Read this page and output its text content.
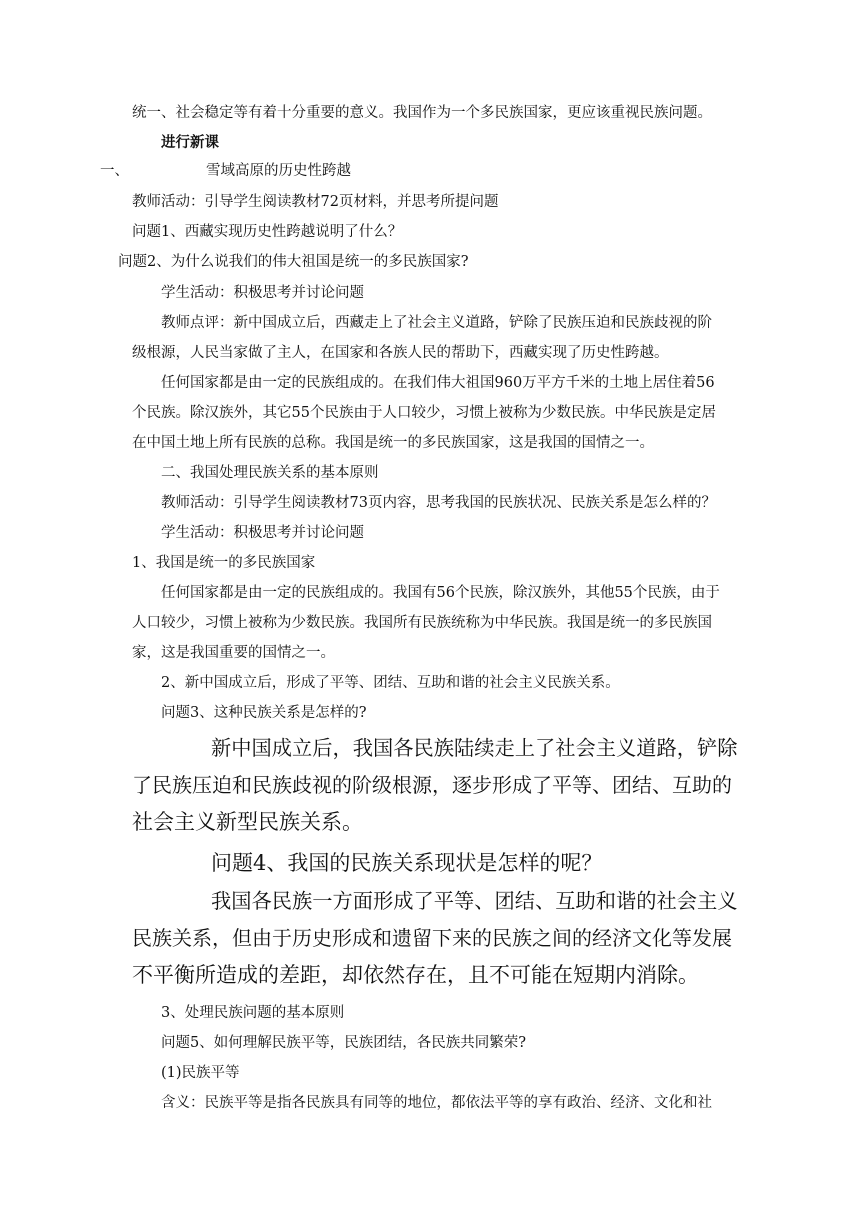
统一、社会稳定等有着十分重要的意义。我国作为一个多民族国家，更应该重视民族问题。
进行新课
一、	雪域高原的历史性跨越
教师活动：引导学生阅读教材72页材料，并思考所提问题
问题1、西藏实现历史性跨越说明了什么？
问题2、为什么说我们的伟大祖国是统一的多民族国家?
学生活动：积极思考并讨论问题
教师点评：新中国成立后，西藏走上了社会主义道路，铲除了民族压迫和民族歧视的阶
级根源，人民当家做了主人，在国家和各族人民的帮助下，西藏实现了历史性跨越。
任何国家都是由一定的民族组成的。在我们伟大祖国960万平方千米的土地上居住着56
个民族。除汉族外，其它55个民族由于人口较少，习惯上被称为少数民族。中华民族是定居
在中国土地上所有民族的总称。我国是统一的多民族国家，这是我国的国情之一。
二、我国处理民族关系的基本原则
教师活动：引导学生阅读教材73页内容，思考我国的民族状况、民族关系是怎么样的？
学生活动：积极思考并讨论问题
1、我国是统一的多民族国家
任何国家都是由一定的民族组成的。我国有56个民族，除汉族外，其他55个民族，由于
人口较少，习惯上被称为少数民族。我国所有民族统称为中华民族。我国是统一的多民族国
家，这是我国重要的国情之一。
2、新中国成立后，形成了平等、团结、互助和谐的社会主义民族关系。
问题3、这种民族关系是怎样的?
新中国成立后，我国各民族陆续走上了社会主义道路，铲除
了民族压迫和民族歧视的阶级根源，逐步形成了平等、团结、互助的
社会主义新型民族关系。
问题4、我国的民族关系现状是怎样的呢？
我国各民族一方面形成了平等、团结、互助和谐的社会主义
民族关系，但由于历史形成和遗留下来的民族之间的经济文化等发展
不平衡所造成的差距，却依然存在，且不可能在短期内消除。
3、处理民族问题的基本原则
问题5、如何理解民族平等，民族团结，各民族共同繁荣?
(1)民族平等
含义：民族平等是指各民族具有同等的地位，都依法平等的享有政治、经济、文化和社
